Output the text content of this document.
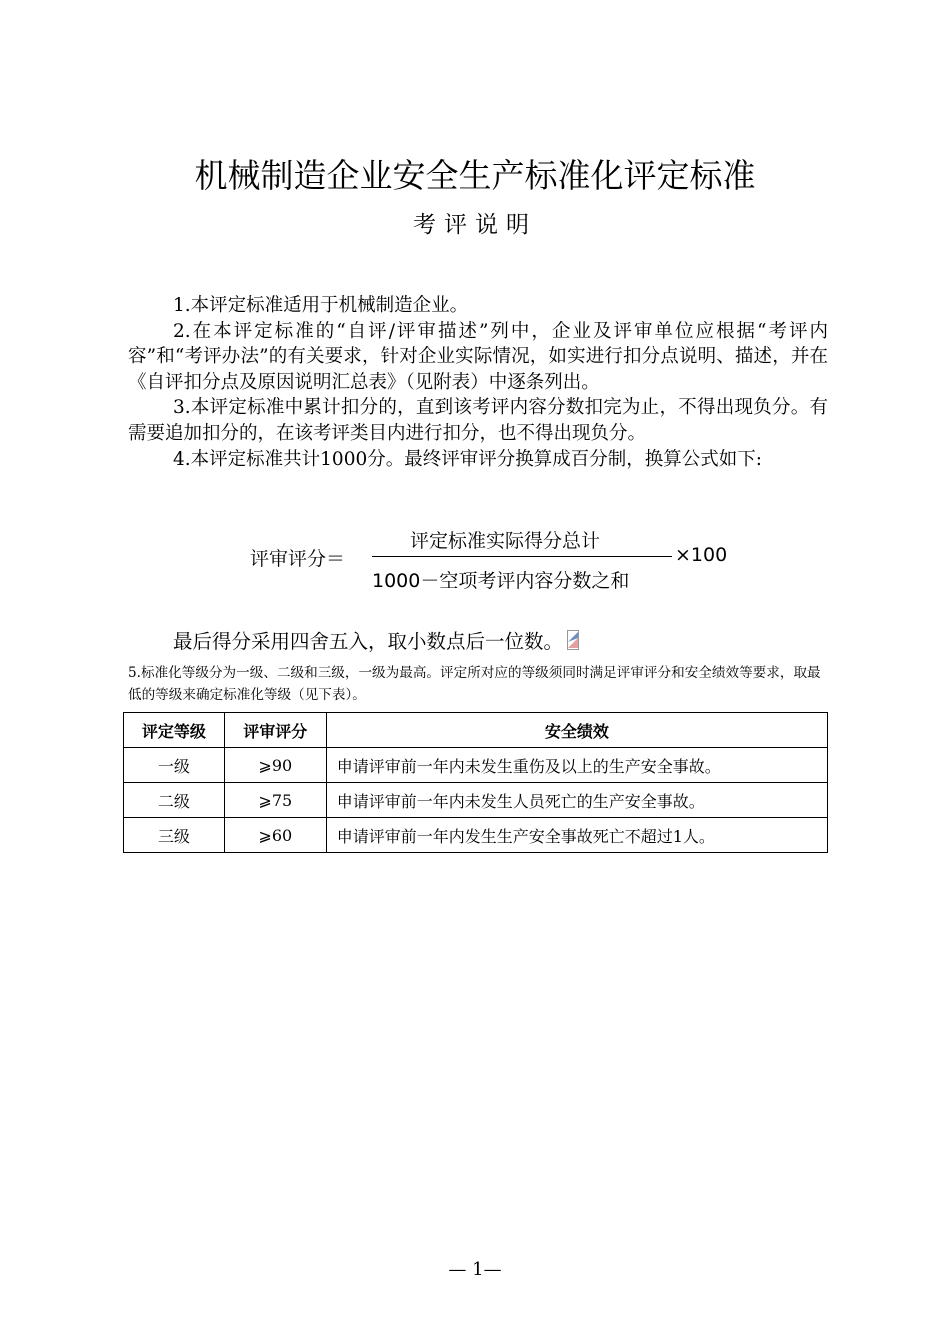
机械制造企业安全生产标准化评定标准
考评说明

1.本评定标准适用于机械制造企业。

2.在本评定标准的“自评/评审描述”列中，企业及评审单位应根据“考评内容”和“考评办法”的有关要求，针对企业实际情况，如实进行扣分点说明、描述，并在《自评扣分点及原因说明汇总表》（见附表）中逐条列出。

3.本评定标准中累计扣分的，直到该考评内容分数扣完为止，不得出现负分。有需要追加扣分的，在该考评类目内进行扣分，也不得出现负分。

4.本评定标准共计1000分。最终评审评分换算成百分制，换算公式如下:

评审评分＝
评定标准实际得分总计
1000－空项考评内容分数之和
×100
最后得分采用四舍五入，取小数点后一位数。
5.标准化等级分为一级、二级和三级，一级为最高。评定所对应的等级须同时满足评审评分和安全绩效等要求，取最低的等级来确定标准化等级（见下表）。
评定等级	评审评分	安全绩效
一级	⩾90	申请评审前一年内未发生重伤及以上的生产安全事故。
二级	⩾75	申请评审前一年内未发生人员死亡的生产安全事故。
三级	⩾60	申请评审前一年内发生生产安全事故死亡不超过1人。
— 1—
